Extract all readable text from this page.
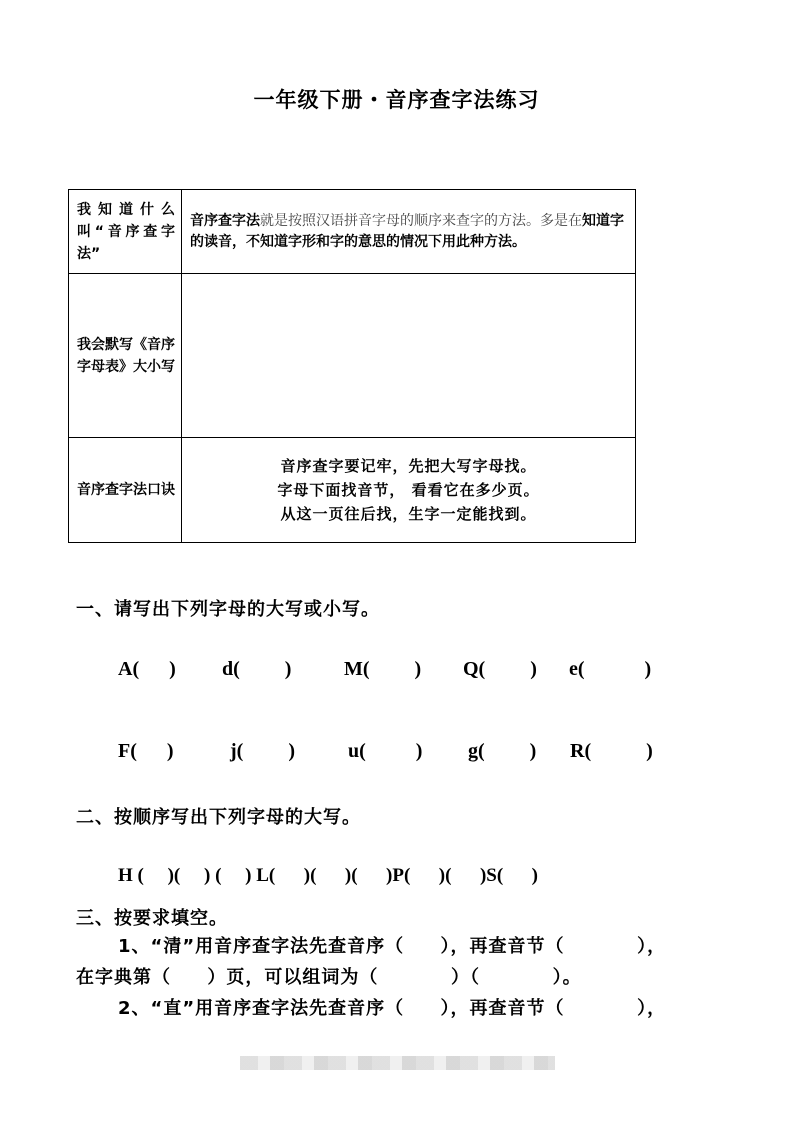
一年级下册・音序查字法练习
我知道什么叫“音序查字法”	音序查字法就是按照汉语拼音字母的顺序来查字的方法。多是在知道字的读音，不知道字形和字的意思的情况下用此种方法。
我会默写《音序字母表》大小写	
音序查字法口诀	音序查字要记牢，先把大写字母找。
字母下面找音节， 看看它在多少页。
从这一页往后找，生字一定能找到。
一、请写出下列字母的大写或小写。
A(      ) d(         )	M(         ) Q(         ) e(            )
F(      )	j(         )	u(          ) g(         ) R(           )
二、按顺序写出下列字母的大写。
H (     )(     ) (     ) L(      )(      )(      )P(      )(      )S(      )
三、按要求填空。
1、“清”用音序查字法先查音序（     ），再查音节（          ），
在字典第（     ）页，可以组词为（          ）（          ）。
2、“直”用音序查字法先查音序（     ），再查音节（          ），
